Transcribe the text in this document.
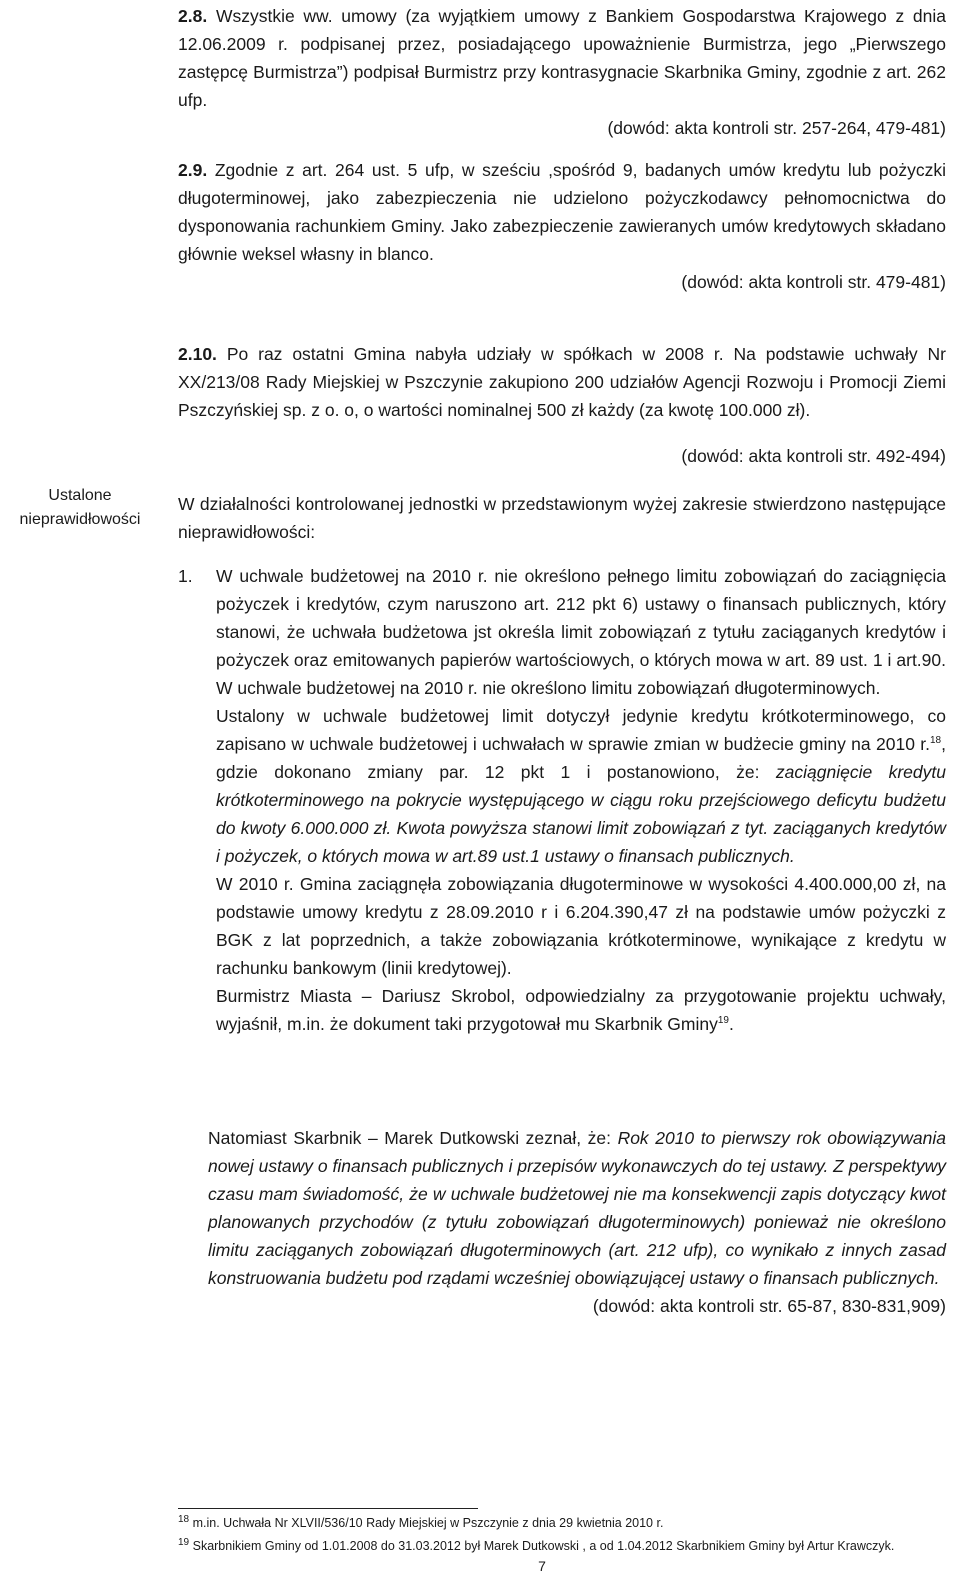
2.8. Wszystkie ww. umowy (za wyjątkiem umowy z Bankiem Gospodarstwa Krajowego z dnia 12.06.2009 r. podpisanej przez, posiadającego upoważnienie Burmistrza, jego „Pierwszego zastępcę Burmistrza”) podpisał Burmistrz przy kontrasygnacie Skarbnika Gminy, zgodnie z art. 262 ufp.

(dowód: akta kontroli str. 257-264, 479-481)

2.9. Zgodnie z art. 264 ust. 5 ufp, w sześciu ,spośród 9, badanych umów kredytu lub pożyczki długoterminowej, jako zabezpieczenia nie udzielono pożyczkodawcy pełnomocnictwa do dysponowania rachunkiem Gminy. Jako zabezpieczenie zawieranych umów kredytowych składano głównie weksel własny in blanco.

(dowód: akta kontroli str. 479-481)

2.10. Po raz ostatni Gmina nabyła udziały w spółkach w 2008 r. Na podstawie uchwały Nr XX/213/08 Rady Miejskiej w Pszczynie zakupiono 200 udziałów Agencji Rozwoju i Promocji Ziemi Pszczyńskiej sp. z o. o, o wartości nominalnej 500 zł każdy (za kwotę 100.000 zł).

(dowód: akta kontroli str. 492-494)

Ustalone nieprawidłowości

W działalności kontrolowanej jednostki w przedstawionym wyżej zakresie stwierdzono następujące nieprawidłowości:

1. W uchwale budżetowej na 2010 r. nie określono pełnego limitu zobowiązań do zaciągnięcia pożyczek i kredytów, czym naruszono art. 212 pkt 6) ustawy o finansach publicznych, który stanowi, że uchwała budżetowa jst określa limit zobowiązań z tytułu zaciąganych kredytów i pożyczek oraz emitowanych papierów wartościowych, o których mowa w art. 89 ust. 1 i art.90. W uchwale budżetowej na 2010 r. nie określono limitu zobowiązań długoterminowych.

Ustalony w uchwale budżetowej limit dotyczył jedynie kredytu krótkoterminowego, co zapisano w uchwale budżetowej i uchwałach w sprawie zmian w budżecie gminy na 2010 r.$^{18}$, gdzie dokonano zmiany par. 12 pkt 1 i postanowiono, że: zaciągnięcie kredytu krótkoterminowego na pokrycie występującego w ciągu roku przejściowego deficytu budżetu do kwoty 6.000.000 zł. Kwota powyższa stanowi limit zobowiązań z tyt. zaciąganych kredytów i pożyczek, o których mowa w art.89 ust.1 ustawy o finansach publicznych.

W 2010 r. Gmina zaciągnęła zobowiązania długoterminowe w wysokości 4.400.000,00 zł, na podstawie umowy kredytu z 28.09.2010 r i 6.204.390,47 zł na podstawie umów pożyczki z BGK z lat poprzednich, a także zobowiązania krótkoterminowe, wynikające z kredytu w rachunku bankowym (linii kredytowej).

Burmistrz Miasta – Dariusz Skrobol, odpowiedzialny za przygotowanie projektu uchwały, wyjaśnił, m.in. że dokument taki przygotował mu Skarbnik Gminy$^{19}$.

Natomiast Skarbnik – Marek Dutkowski zeznał, że: Rok 2010 to pierwszy rok obowiązywania nowej ustawy o finansach publicznych i przepisów wykonawczych do tej ustawy. Z perspektywy czasu mam świadomość, że w uchwale budżetowej nie ma konsekwencji zapis dotyczący kwot planowanych przychodów (z tytułu zobowiązań długoterminowych) ponieważ nie określono limitu zaciąganych zobowiązań długoterminowych (art. 212 ufp), co wynikało z innych zasad konstruowania budżetu pod rządami wcześniej obowiązującej ustawy o finansach publicznych.

(dowód: akta kontroli str. 65-87, 830-831,909)

$^{18}$ m.in. Uchwała Nr XLVII/536/10 Rady Miejskiej w Pszczynie z dnia 29 kwietnia 2010 r.

$^{19}$ Skarbnikiem Gminy od 1.01.2008 do 31.03.2012 był Marek Dutkowski , a od 1.04.2012 Skarbnikiem Gminy był Artur Krawczyk.

7
